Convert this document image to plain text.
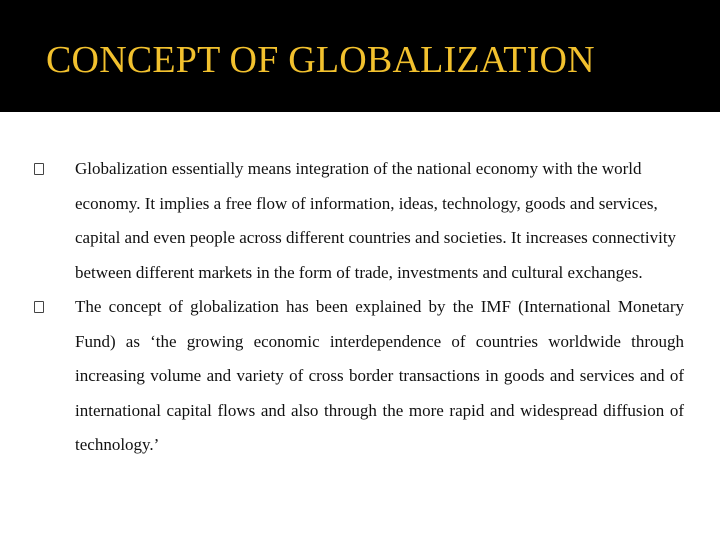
CONCEPT OF GLOBALIZATION
Globalization essentially means integration of the national economy with the world economy. It implies a free flow of information, ideas, technology, goods and services, capital and even people across different countries and societies. It increases connectivity between different markets in the form of trade, investments and cultural exchanges.
The concept of globalization has been explained by the IMF (International Monetary Fund) as ‘the growing economic interdependence of countries worldwide through increasing volume and variety of cross border transactions in goods and services and of international capital flows and also through the more rapid and widespread diffusion of technology.’
